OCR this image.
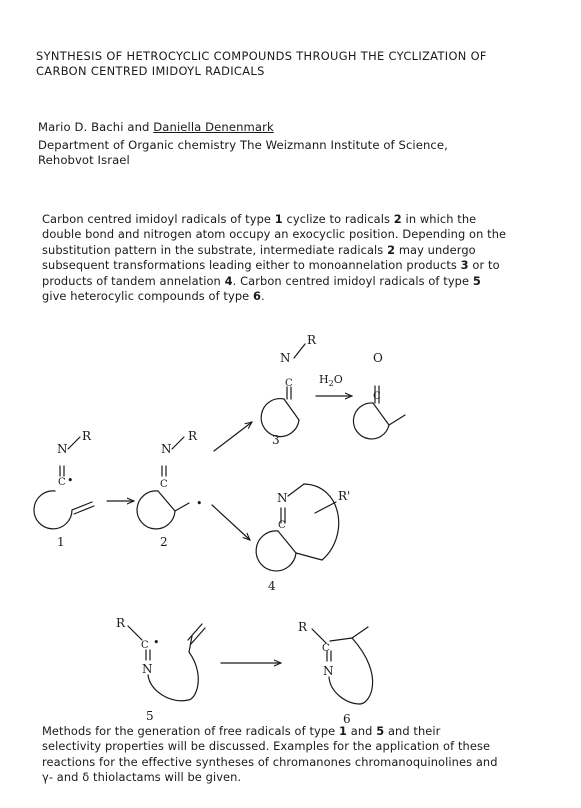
SYNTHESIS OF HETROCYCLIC COMPOUNDS THROUGH THE CYCLIZATION OF
CARBON CENTRED IMIDOYL RADICALS
Mario D. Bachi and Daniella Denenmark
Department of Organic chemistry The Weizmann Institute of Science,
Rehobvot Israel
Carbon centred imidoyl radicals of type 1 cyclize to radicals 2 in which the
double bond and nitrogen atom occupy an exocyclic position. Depending on the
substitution pattern in the substrate, intermediate radicals 2 may undergo
subsequent transformations leading either to monoannelation products 3 or to
products of tandem annelation 4. Carbon centred imidoyl radicals of type 5
give heterocylic compounds of type 6.
N
C
R
3
$H_2O$
O
C
N
R
C •
1
N
R
C
•
2
N
C
R'
4
R
C •
N
5
R
C
N
6
Methods for the generation of free radicals of type 1 and 5 and their
selectivity properties will be discussed. Examples for the application of these
reactions for the effective syntheses of chromanones chromanoquinolines and
γ- and δ thiolactams will be given.
